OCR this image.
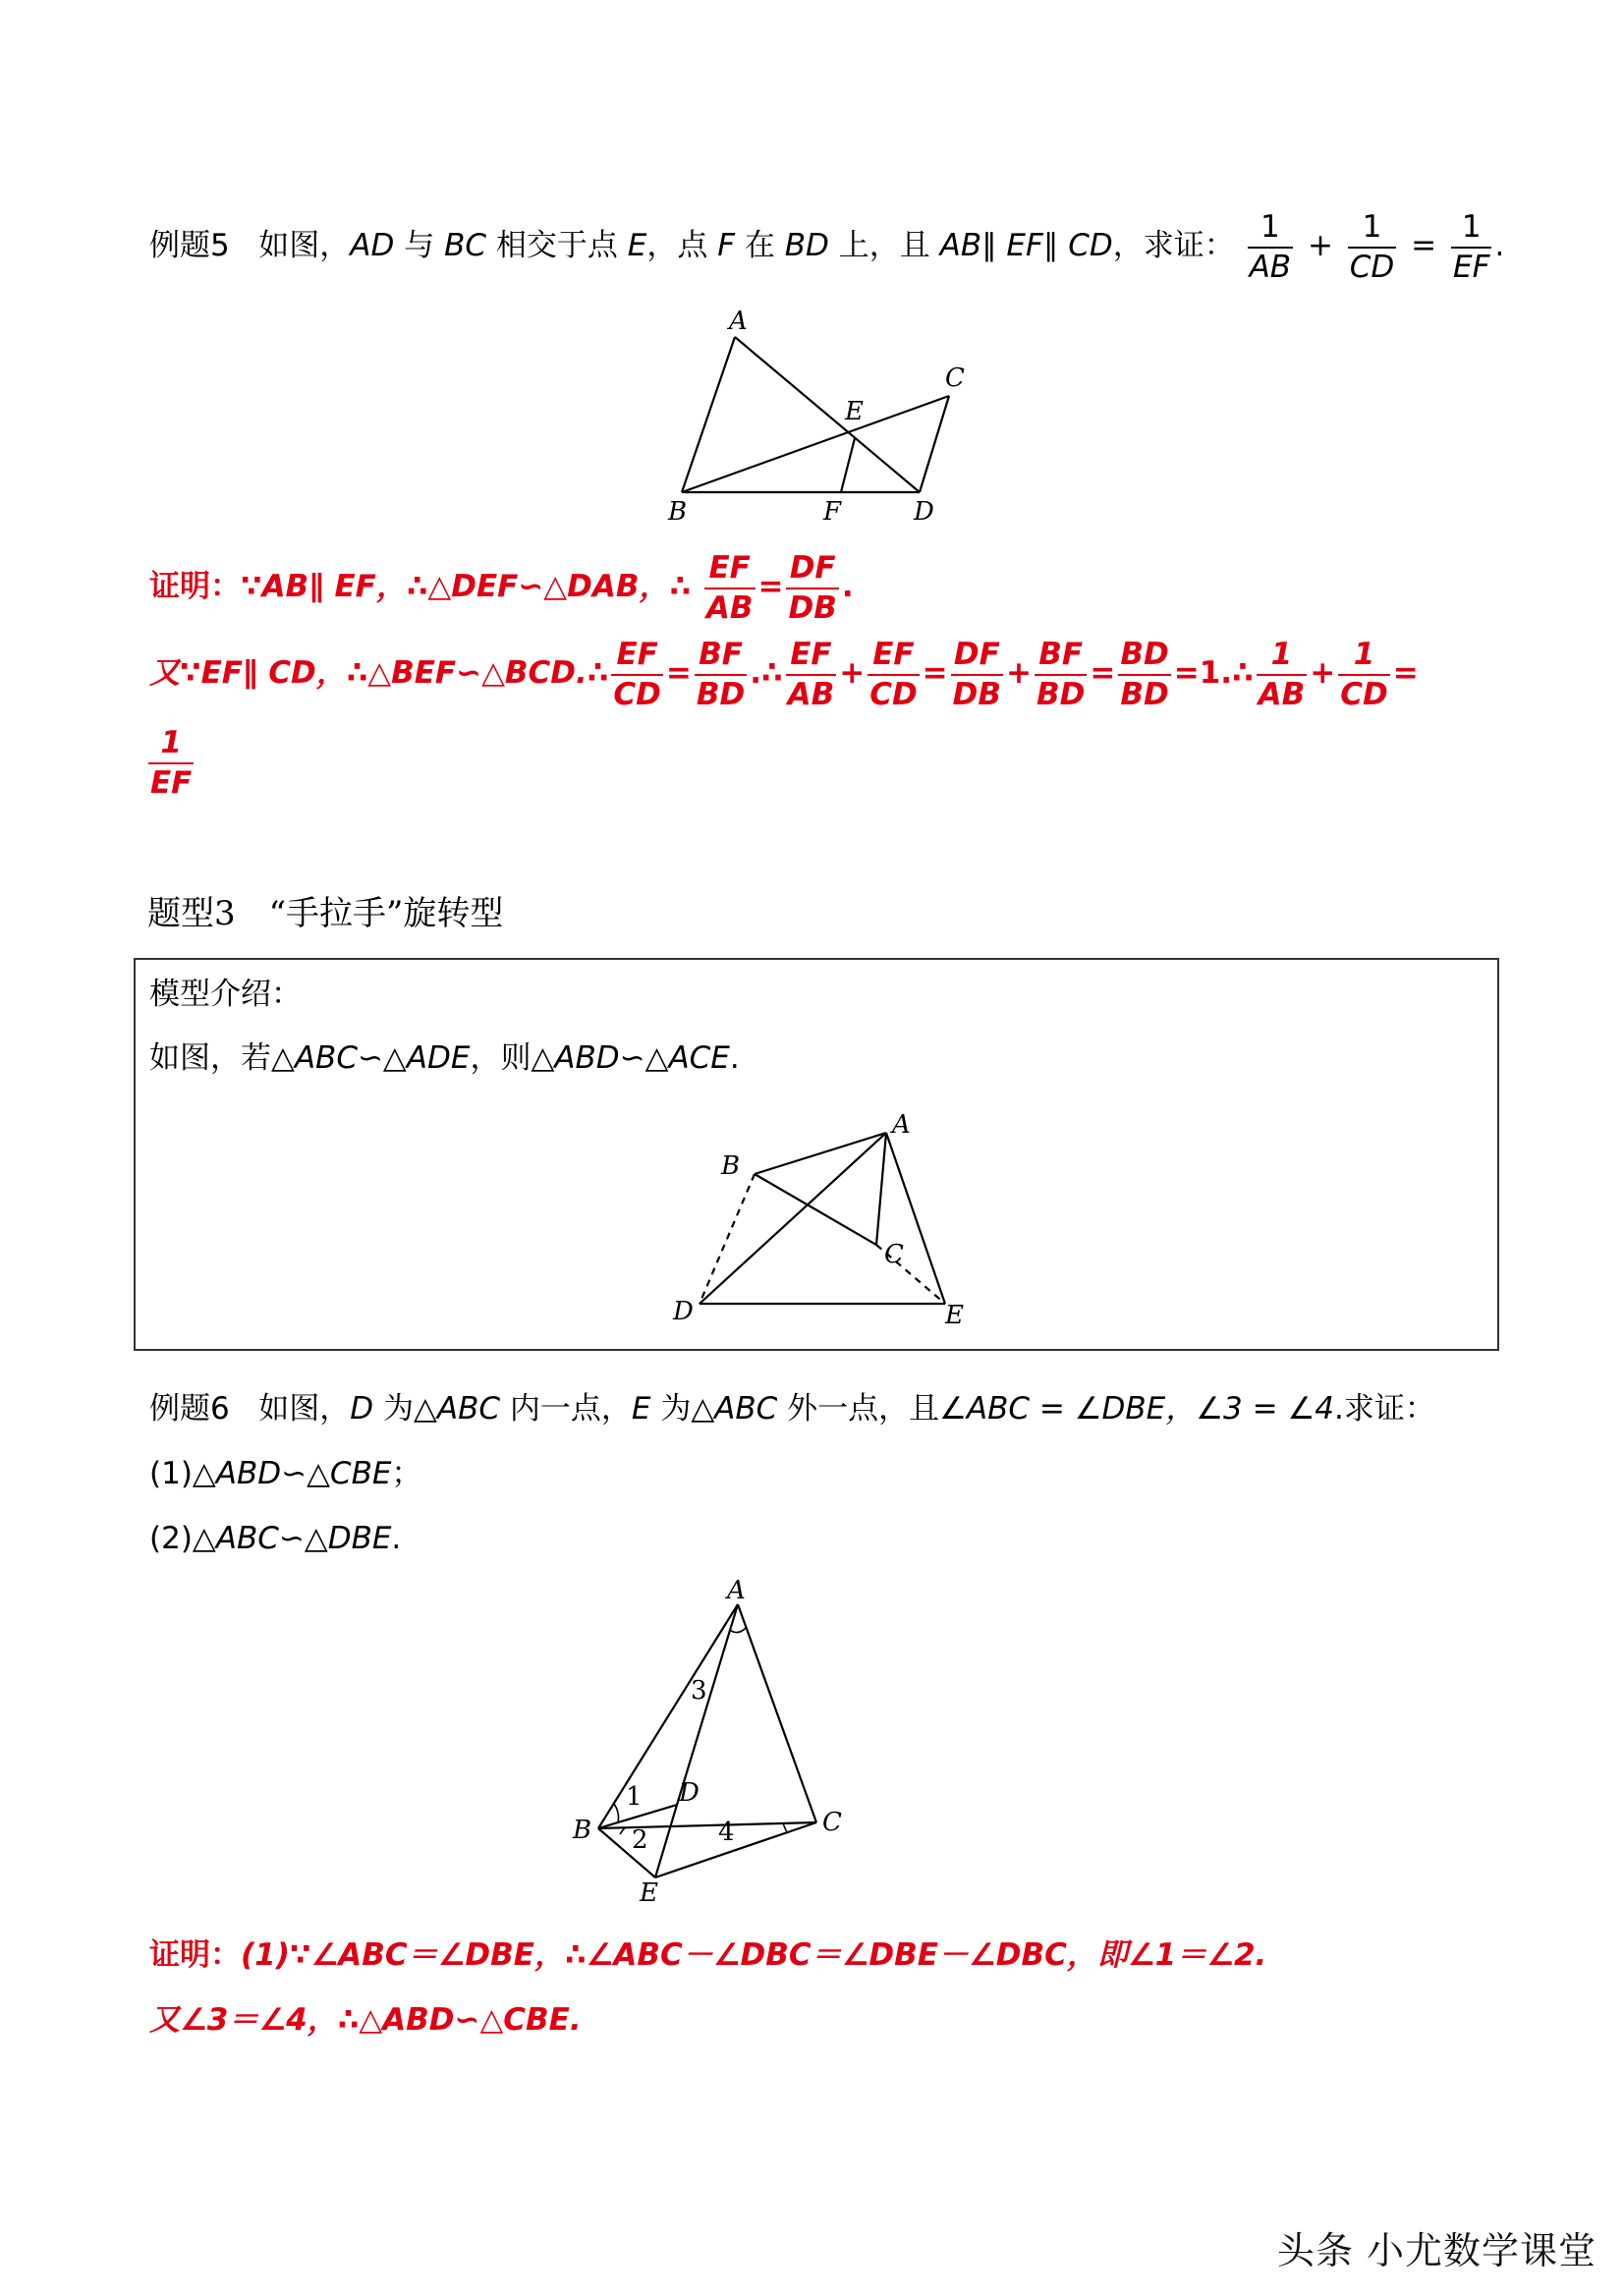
例题5 如图，AD 与 BC 相交于点 E，点 F 在 BD 上，且 AB∥ EF∥ CD，求证： $\frac{1}{AB} + \frac{1}{CD} = \frac{1}{EF}$ .
A
B
C
D
E
F
证明：∵AB∥ EF，∴△DEF∽△DAB，∴ $\frac{EF}{AB} = \frac{DF}{DB}$ .
又∵EF∥ CD，∴△BEF∽△BCD.∴ $\frac{EF}{CD} = \frac{BF}{BD}$ .∴ $\frac{EF}{AB} + \frac{EF}{CD} = \frac{DF}{DB} + \frac{BF}{BD} = \frac{BD}{BD}$ =1.∴ $\frac{1}{AB} + \frac{1}{CD}$ =
$\frac{1}{EF}$
题型3　“手拉手”旋转型
模型介绍：
如图，若△ABC∽△ADE，则△ABD∽△ACE.
A
B
C
D	E
例题6 如图，D 为△ABC 内一点，E 为△ABC 外一点，且∠ABC = ∠DBE，∠3 = ∠4.求证：
(1)△ABD∽△CBE；
(2)△ABC∽△DBE.
A
B	C
D
E
1
2
3
4
证明：(1)∵∠ABC＝∠DBE，∴∠ABC－∠DBC＝∠DBE－∠DBC，即∠1＝∠2.
又∠3＝∠4，∴△ABD∽△CBE.
头条 小尤数学课堂
